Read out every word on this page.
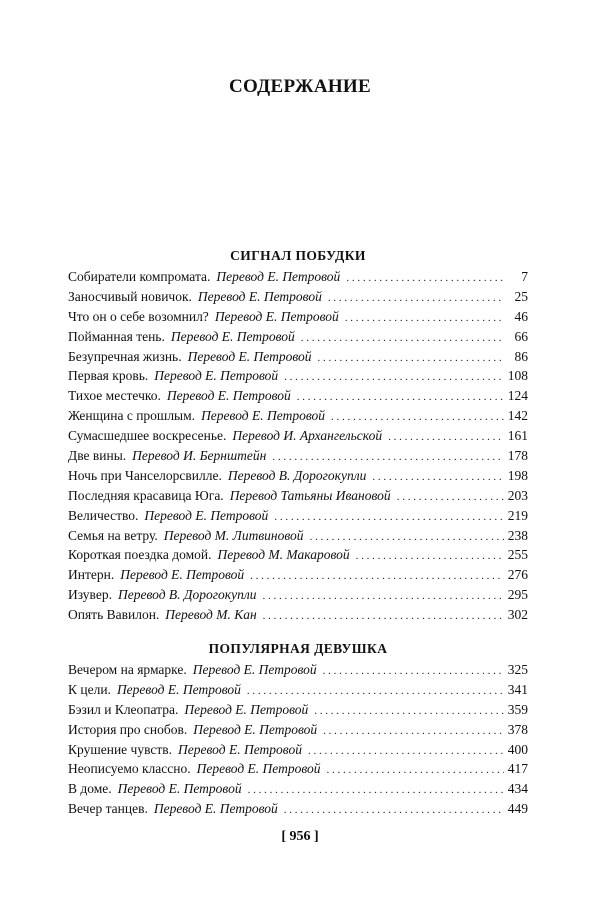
СОДЕРЖАНИЕ
СИГНАЛ ПОБУДКИ
Собиратели компромата. Перевод Е. Петровой . . .	7
Заносчивый новичок. Перевод Е. Петровой . . .	25
Что он о себе возомнил? Перевод Е. Петровой . . .	46
Пойманная тень. Перевод Е. Петровой . . .	66
Безупречная жизнь. Перевод Е. Петровой . . .	86
Первая кровь. Перевод Е. Петровой . . .	108
Тихое местечко. Перевод Е. Петровой . . .	124
Женщина с прошлым. Перевод Е. Петровой . . .	142
Сумасшедшее воскресенье. Перевод И. Архангельской . . .	161
Две вины. Перевод И. Бернштейн . . .	178
Ночь при Чанселорсвилле. Перевод В. Дорогокупли . . .	198
Последняя красавица Юга. Перевод Татьяны Ивановой . . .	203
Величество. Перевод Е. Петровой . . .	219
Семья на ветру. Перевод М. Литвиновой . . .	238
Короткая поездка домой. Перевод М. Макаровой . . .	255
Интерн. Перевод Е. Петровой . . .	276
Изувер. Перевод В. Дорогокупли . . .	295
Опять Вавилон. Перевод М. Кан . . .	302
ПОПУЛЯРНАЯ ДЕВУШКА
Вечером на ярмарке. Перевод Е. Петровой . . .	325
К цели. Перевод Е. Петровой . . .	341
Бэзил и Клеопатра. Перевод Е. Петровой . . .	359
История про снобов. Перевод Е. Петровой . . .	378
Крушение чувств. Перевод Е. Петровой . . .	400
Неописуемо классно. Перевод Е. Петровой . . .	417
В доме. Перевод Е. Петровой . . .	434
Вечер танцев. Перевод Е. Петровой . . .	449
[ 956 ]
